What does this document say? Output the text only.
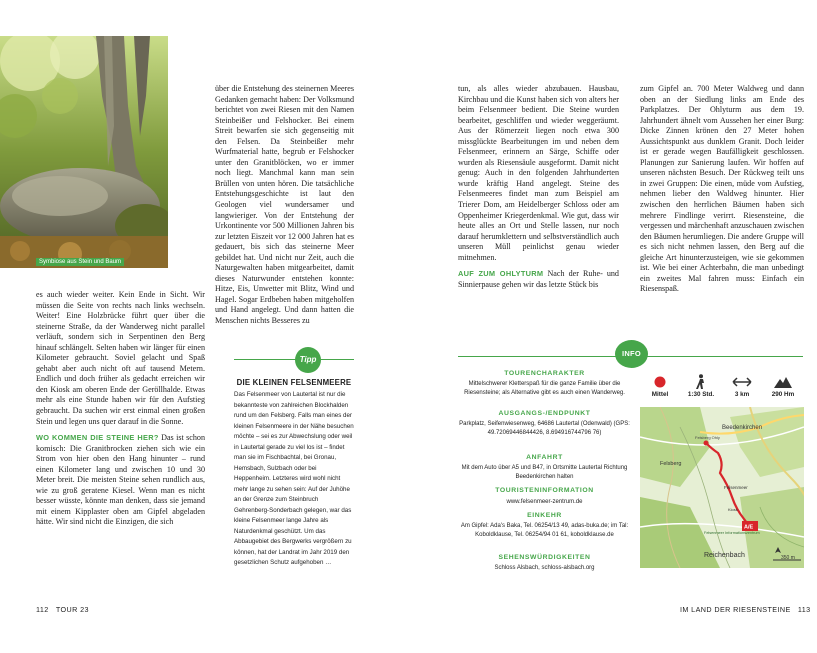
Symbiose aus Stein und Baum

es auch wieder weiter. Kein Ende in Sicht. Wir müssen die Seite von rechts nach links wechseln. Weiter! Eine Holzbrücke führt quer über die steinerne Straße, da der Wanderweg nicht parallel verläuft, sondern sich in Serpentinen den Berg hinauf schlängelt. Selten haben wir länger für einen Kilometer gebraucht. Soviel gelacht und Spaß gehabt aber auch nicht oft auf tausend Metern. Endlich und doch früher als gedacht erreichen wir den Kiosk am oberen Ende der Geröllhalde. Etwas mehr als eine Stunde haben wir für den Aufstieg gebraucht. Da suchen wir erst einmal einen großen Stein und legen uns quer darauf in die Sonne.

WO KOMMEN DIE STEINE HER? Das ist schon komisch: Die Granitbrocken ziehen sich wie ein Strom von hier oben den Hang hinunter – rund einen Kilometer lang und zwischen 10 und 30 Meter breit. Die meisten Steine sehen rundlich aus, wie zu groß geratene Kiesel. Wenn man es nicht besser wüsste, könnte man denken, dass sie jemand mit einem Kipplaster oben am Gipfel abgeladen hätte. Wir sind nicht die Einzigen, die sich

über die Entstehung des steinernen Meeres Gedanken gemacht haben: Der Volksmund berichtet von zwei Riesen mit den Namen Steinbeißer und Felshocker. Bei einem Streit bewarfen sie sich gegenseitig mit den Felsen. Da Steinbeißer mehr Wurfmaterial hatte, begrub er Felshocker unter den Granitblöcken, wo er immer noch liegt. Manchmal kann man sein Brüllen von unten hören. Die tatsächliche Entstehungsgeschichte ist laut den Geologen viel wundersamer und langwieriger. Von der Entstehung der Urkontinente vor 500 Millionen Jahren bis zur letzten Eiszeit vor 12 000 Jahren hat es gedauert, bis sich das steinerne Meer gebildet hat. Und nicht nur Zeit, auch die Naturgewalten haben mitgearbeitet, damit dieses Naturwunder entstehen konnte: Hitze, Eis, Unwetter mit Blitz, Wind und Hagel. Sogar Erdbeben haben mitgeholfen und Hand angelegt. Und dann hatten die Menschen nichts Besseres zu

Tipp
DIE KLEINEN FELSENMEERE
Das Felsenmeer von Lautertal ist nur die bekannteste von zahlreichen Blockhalden rund um den Felsberg. Falls man eines der kleinen Felsenmeere in der Nähe besuchen möchte – sei es zur Abwechslung oder weil in Lautertal gerade zu viel los ist – findet man sie im Fischbachtal, bei Gronau, Hemsbach, Sulzbach oder bei Heppenheim. Letzteres wird wohl nicht mehr lange zu sehen sein: Auf der Juhöhe an der Grenze zum Steinbruch Gehrenberg-Sonderbach gelegen, war das kleine Felsenmeer lange Jahre als Naturdenkmal geschützt. Um das Abbaugebiet des Bergwerks vergrößern zu können, hat der Landrat im Jahr 2019 den gesetzlichen Schutz aufgehoben …

tun, als alles wieder abzubauen. Hausbau, Kirchbau und die Kunst haben sich von alters her beim Felsenmeer bedient. Die Steine wurden bearbeitet, geschliffen und wieder weggeräumt. Aus der Römerzeit liegen noch etwa 300 missglückte Bearbeitungen im und neben dem Felsenmeer, erinnern an Särge, Schiffe oder wurden als Riesensäule ausgeformt. Damit nicht genug: Auch in den folgenden Jahrhunderten wurde kräftig Hand angelegt. Steine des Felsenmeeres findet man zum Beispiel am Trierer Dom, am Heidelberger Schloss oder am Oppenheimer Kriegerdenkmal. Wie gut, dass wir heute alles an Ort und Stelle lassen, nur noch darauf herumklettern und selbstverständlich auch unseren Müll peinlichst genau wieder mitnehmen.

AUF ZUM OHLYTURM Nach der Ruhe- und Sinnierpause gehen wir das letzte Stück bis

zum Gipfel an. 700 Meter Waldweg und dann oben an der Siedlung links am Ende des Parkplatzes. Der Ohlyturm aus dem 19. Jahrhundert ähnelt vom Aussehen her einer Burg: Dicke Zinnen krönen den 27 Meter hohen Aussichtspunkt aus dunklem Granit. Doch leider ist er gerade wegen Baufälligkeit geschlossen. Planungen zur Sanierung laufen. Wir hoffen auf unseren nächsten Besuch. Der Rückweg teilt uns in zwei Gruppen: Die einen, müde vom Aufstieg, nehmen lieber den Waldweg hinunter. Hier zwischen den herrlichen Bäumen haben sich mehrere Findlinge verirrt. Riesensteine, die vergessen und märchenhaft anzuschauen zwischen den Bäumen herumliegen. Die andere Gruppe will es sich nicht nehmen lassen, den Berg auf die gleiche Art hinunterzusteigen, wie sie gekommen ist. Wie bei einer Achterbahn, die man unbedingt ein zweites Mal fahren muss: Einfach ein Riesenspaß.

INFO
TOURENCHARAKTER
Mittelschwerer Kletterspaß für die ganze Familie über die Riesensteine; als Alternative gibt es auch einen Wanderweg.
AUSGANGS-/ENDPUNKT
Parkplatz, Seifenwiesenweg, 64686 Lautertal (Odenwald) (GPS: 49.72069446844426, 8.694916744796 76)
ANFAHRT
Mit dem Auto über A5 und B47, in Ortsmitte Lautertal Richtung Beedenkirchen halten
TOURISTENINFORMATION
www.felsenmeer-zentrum.de
EINKEHR
Am Gipfel: Ada's Baka, Tel. 06254/13 49, adas-buka.de; im Tal: Koboldklause, Tel. 06254/94 01 61, koboldklause.de
SEHENSWÜRDIGKEITEN
Schloss Alsbach, schloss-alsbach.org
Mittel	1:30 Std.	3 km	290 Hm
A/E
Beedenkirchen
Felsberg
Felsberg Ohly
Felsenmeer
Kiosk
Felsenmeer Informationszentrum
Reichenbach	350 m
112 TOUR 23	IM LAND DER RIESENSTEINE 113
